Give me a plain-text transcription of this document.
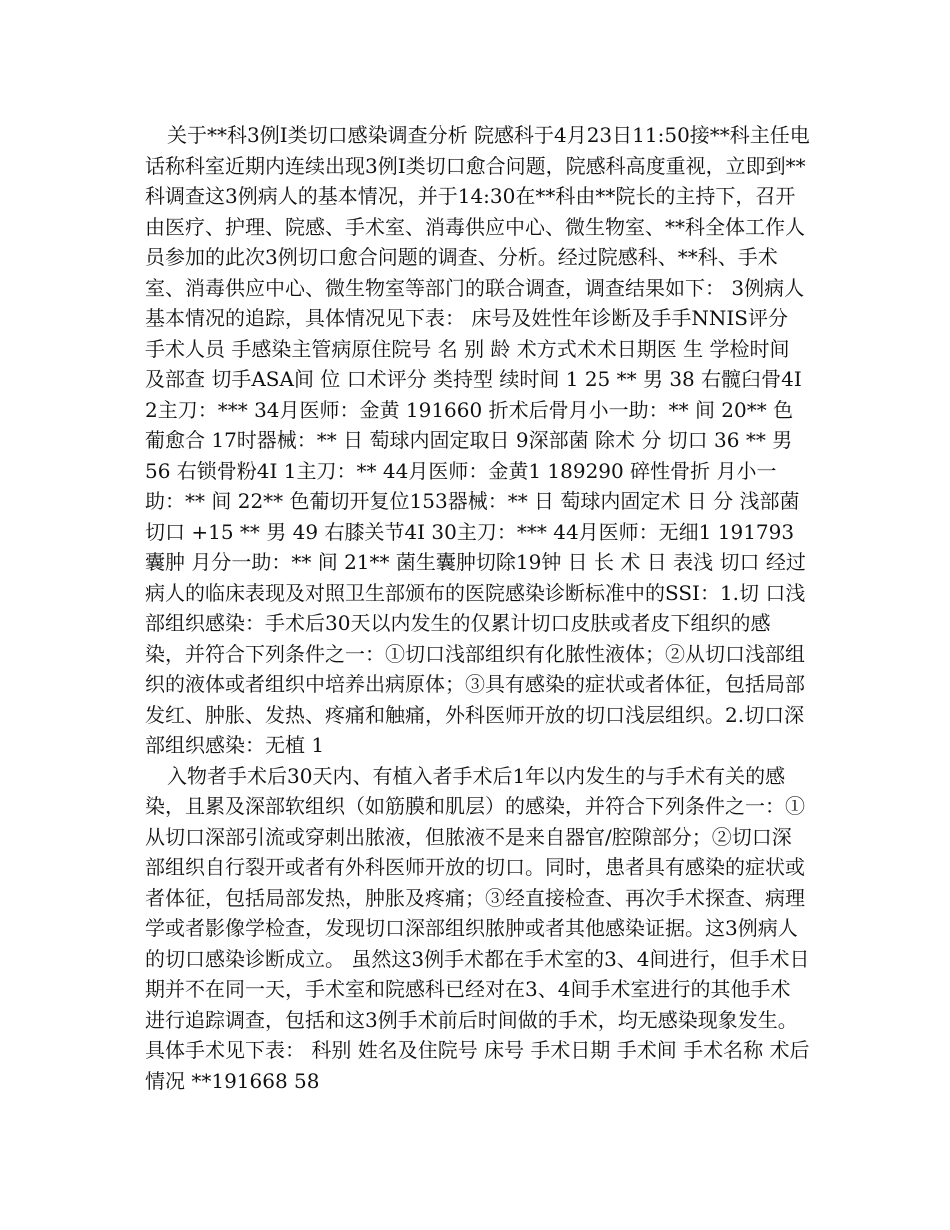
关于**科3例Ⅰ类切口感染调查分析 院感科于4月23日11:50接**科主任电话称科室近期内连续出现3例Ⅰ类切口愈合问题，院感科高度重视，立即到**科调查这3例病人的基本情况，并于14:30在**科由**院长的主持下，召开由医疗、护理、院感、手术室、消毒供应中心、微生物室、**科全体工作人员参加的此次3例切口愈合问题的调查、分析。经过院感科、**科、手术室、消毒供应中心、微生物室等部门的联合调查，调查结果如下： 3例病人基本情况的追踪，具体情况见下表： 床号及姓性年诊断及手手NNIS评分 手术人员 手感染主管病原住院号 名 别 龄 术方式术术日期医 生 学检时间 及部查 切手ASA间 位 口术评分 类持型 续时间 1 25 ** 男 38 右髋臼骨4Ⅰ 2主刀：*** 34月医师：金黄 191660 折术后骨月小一助：** 间 20** 色葡愈合 17时器械：** 日 萄球内固定取日 9深部菌 除术 分 切口 36 ** 男 56 右锁骨粉4Ⅰ 1主刀：** 44月医师：金黄1 189290 碎性骨折 月小一助：** 间 22** 色葡切开复位153器械：** 日 萄球内固定术 日 分 浅部菌 切口 +15 ** 男 49 右膝关节4Ⅰ 30主刀：*** 44月医师：无细1 191793 囊肿 月分一助：** 间 21** 菌生囊肿切除19钟 日 长 术 日 表浅 切口 经过病人的临床表现及对照卫生部颁布的医院感染诊断标准中的SSI：1.切 口浅部组织感染：手术后30天以内发生的仅累计切口皮肤或者皮下组织的感染，并符合下列条件之一：①切口浅部组织有化脓性液体；②从切口浅部组织的液体或者组织中培养出病原体；③具有感染的症状或者体征，包括局部发红、肿胀、发热、疼痛和触痛，外科医师开放的切口浅层组织。2.切口深部组织感染：无植 1

入物者手术后30天内、有植入者手术后1年以内发生的与手术有关的感染，且累及深部软组织（如筋膜和肌层）的感染，并符合下列条件之一：①从切口深部引流或穿刺出脓液，但脓液不是来自器官/腔隙部分；②切口深部组织自行裂开或者有外科医师开放的切口。同时，患者具有感染的症状或者体征，包括局部发热，肿胀及疼痛；③经直接检查、再次手术探查、病理学或者影像学检查，发现切口深部组织脓肿或者其他感染证据。这3例病人的切口感染诊断成立。 虽然这3例手术都在手术室的3、4间进行，但手术日期并不在同一天，手术室和院感科已经对在3、4间手术室进行的其他手术进行追踪调查，包括和这3例手术前后时间做的手术，均无感染现象发生。具体手术见下表： 科别 姓名及住院号 床号 手术日期 手术间 手术名称 术后情况 **191668 58
